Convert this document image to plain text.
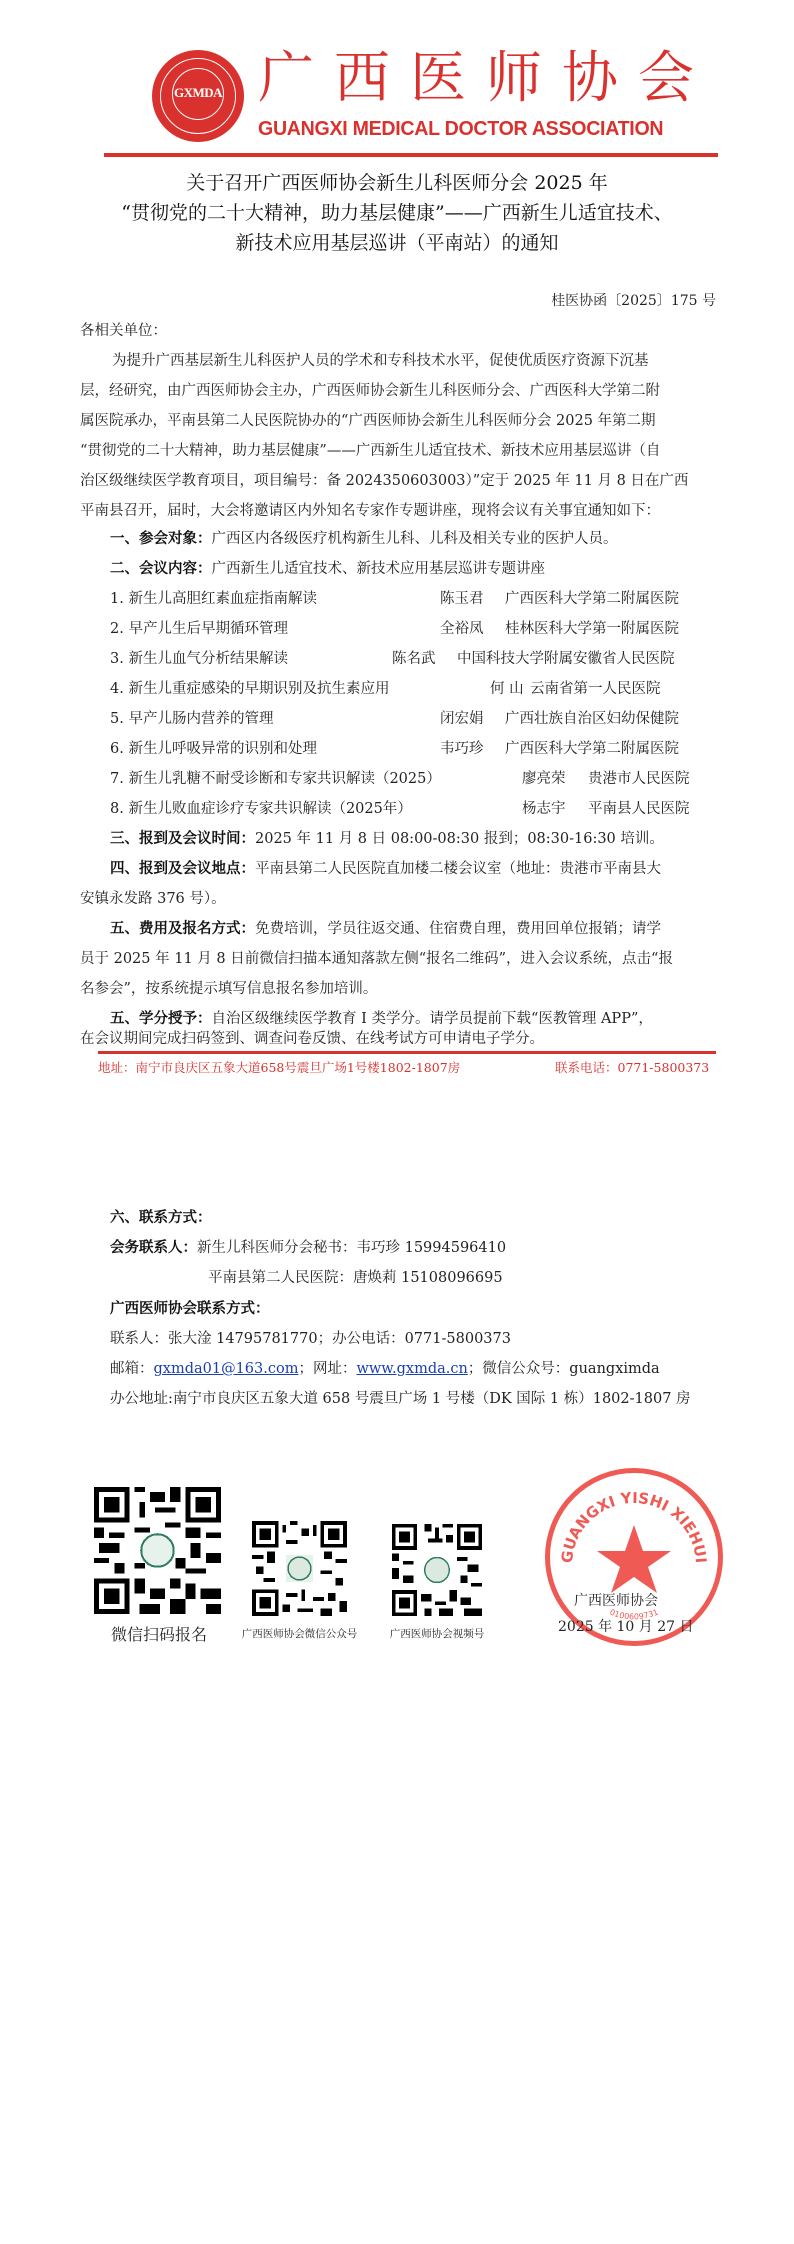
GXMDA 广西医师协会
GUANGXI MEDICAL DOCTOR ASSOCIATION
关于召开广西医师协会新生儿科医师分会 2025 年
“贯彻党的二十大精神，助力基层健康”——广西新生儿适宜技术、
新技术应用基层巡讲（平南站）的通知
桂医协函〔2025〕175 号
各相关单位：
为提升广西基层新生儿科医护人员的学术和专科技术水平，促使优质医疗资源下沉基
层，经研究，由广西医师协会主办，广西医师协会新生儿科医师分会、广西医科大学第二附
属医院承办，平南县第二人民医院协办的“广西医师协会新生儿科医师分会 2025 年第二期
“贯彻党的二十大精神，助力基层健康”——广西新生儿适宜技术、新技术应用基层巡讲（自
治区级继续医学教育项目，项目编号：备 2024350603003）”定于 2025 年 11 月 8 日在广西
平南县召开，届时，大会将邀请区内外知名专家作专题讲座，现将会议有关事宜通知如下：
一、参会对象：广西区内各级医疗机构新生儿科、儿科及相关专业的医护人员。
二、会议内容：广西新生儿适宜技术、新技术应用基层巡讲专题讲座
1. 新生儿高胆红素血症指南解读	陈玉君 广西医科大学第二附属医院
2. 早产儿生后早期循环管理	全裕凤 桂林医科大学第一附属医院
3. 新生儿血气分析结果解读	陈名武 中国科技大学附属安徽省人民医院
4. 新生儿重症感染的早期识别及抗生素应用	何 山 云南省第一人民医院
5. 早产儿肠内营养的管理	闭宏娟 广西壮族自治区妇幼保健院
6. 新生儿呼吸异常的识别和处理	韦巧珍 广西医科大学第二附属医院
7. 新生儿乳糖不耐受诊断和专家共识解读（2025）	廖亮荣 贵港市人民医院
8. 新生儿败血症诊疗专家共识解读（2025年）	杨志宇 平南县人民医院
三、报到及会议时间：2025 年 11 月 8 日 08:00-08:30 报到；08:30-16:30 培训。
四、报到及会议地点：平南县第二人民医院直加楼二楼会议室（地址：贵港市平南县大
安镇永发路 376 号）。
五、费用及报名方式：免费培训，学员往返交通、住宿费自理，费用回单位报销；请学
员于 2025 年 11 月 8 日前微信扫描本通知落款左侧“报名二维码”，进入会议系统，点击“报
名参会”，按系统提示填写信息报名参加培训。
五、学分授予：自治区级继续医学教育 I 类学分。请学员提前下载“医教管理 APP”，
在会议期间完成扫码签到、调查问卷反馈、在线考试方可申请电子学分。
地址：南宁市良庆区五象大道658号震旦广场1号楼1802-1807房	联系电话：0771-5800373
六、联系方式：
会务联系人：新生儿科医师分会秘书：韦巧珍 15994596410
平南县第二人民医院：唐焕莉 15108096695
广西医师协会联系方式：
联系人：张大淦 14795781770；办公电话：0771-5800373
邮箱：gxmda01@163.com；网址：www.gxmda.cn；微信公众号：guangximda
办公地址:南宁市良庆区五象大道 658 号震旦广场 1 号楼（DK 国际 1 栋）1802-1807 房
微信扫码报名	广西医师协会微信公众号	广西医师协会视频号
GUANGXI YISHI XIEHUI
0100609731
广西医师协会
2025 年 10 月 27 日
